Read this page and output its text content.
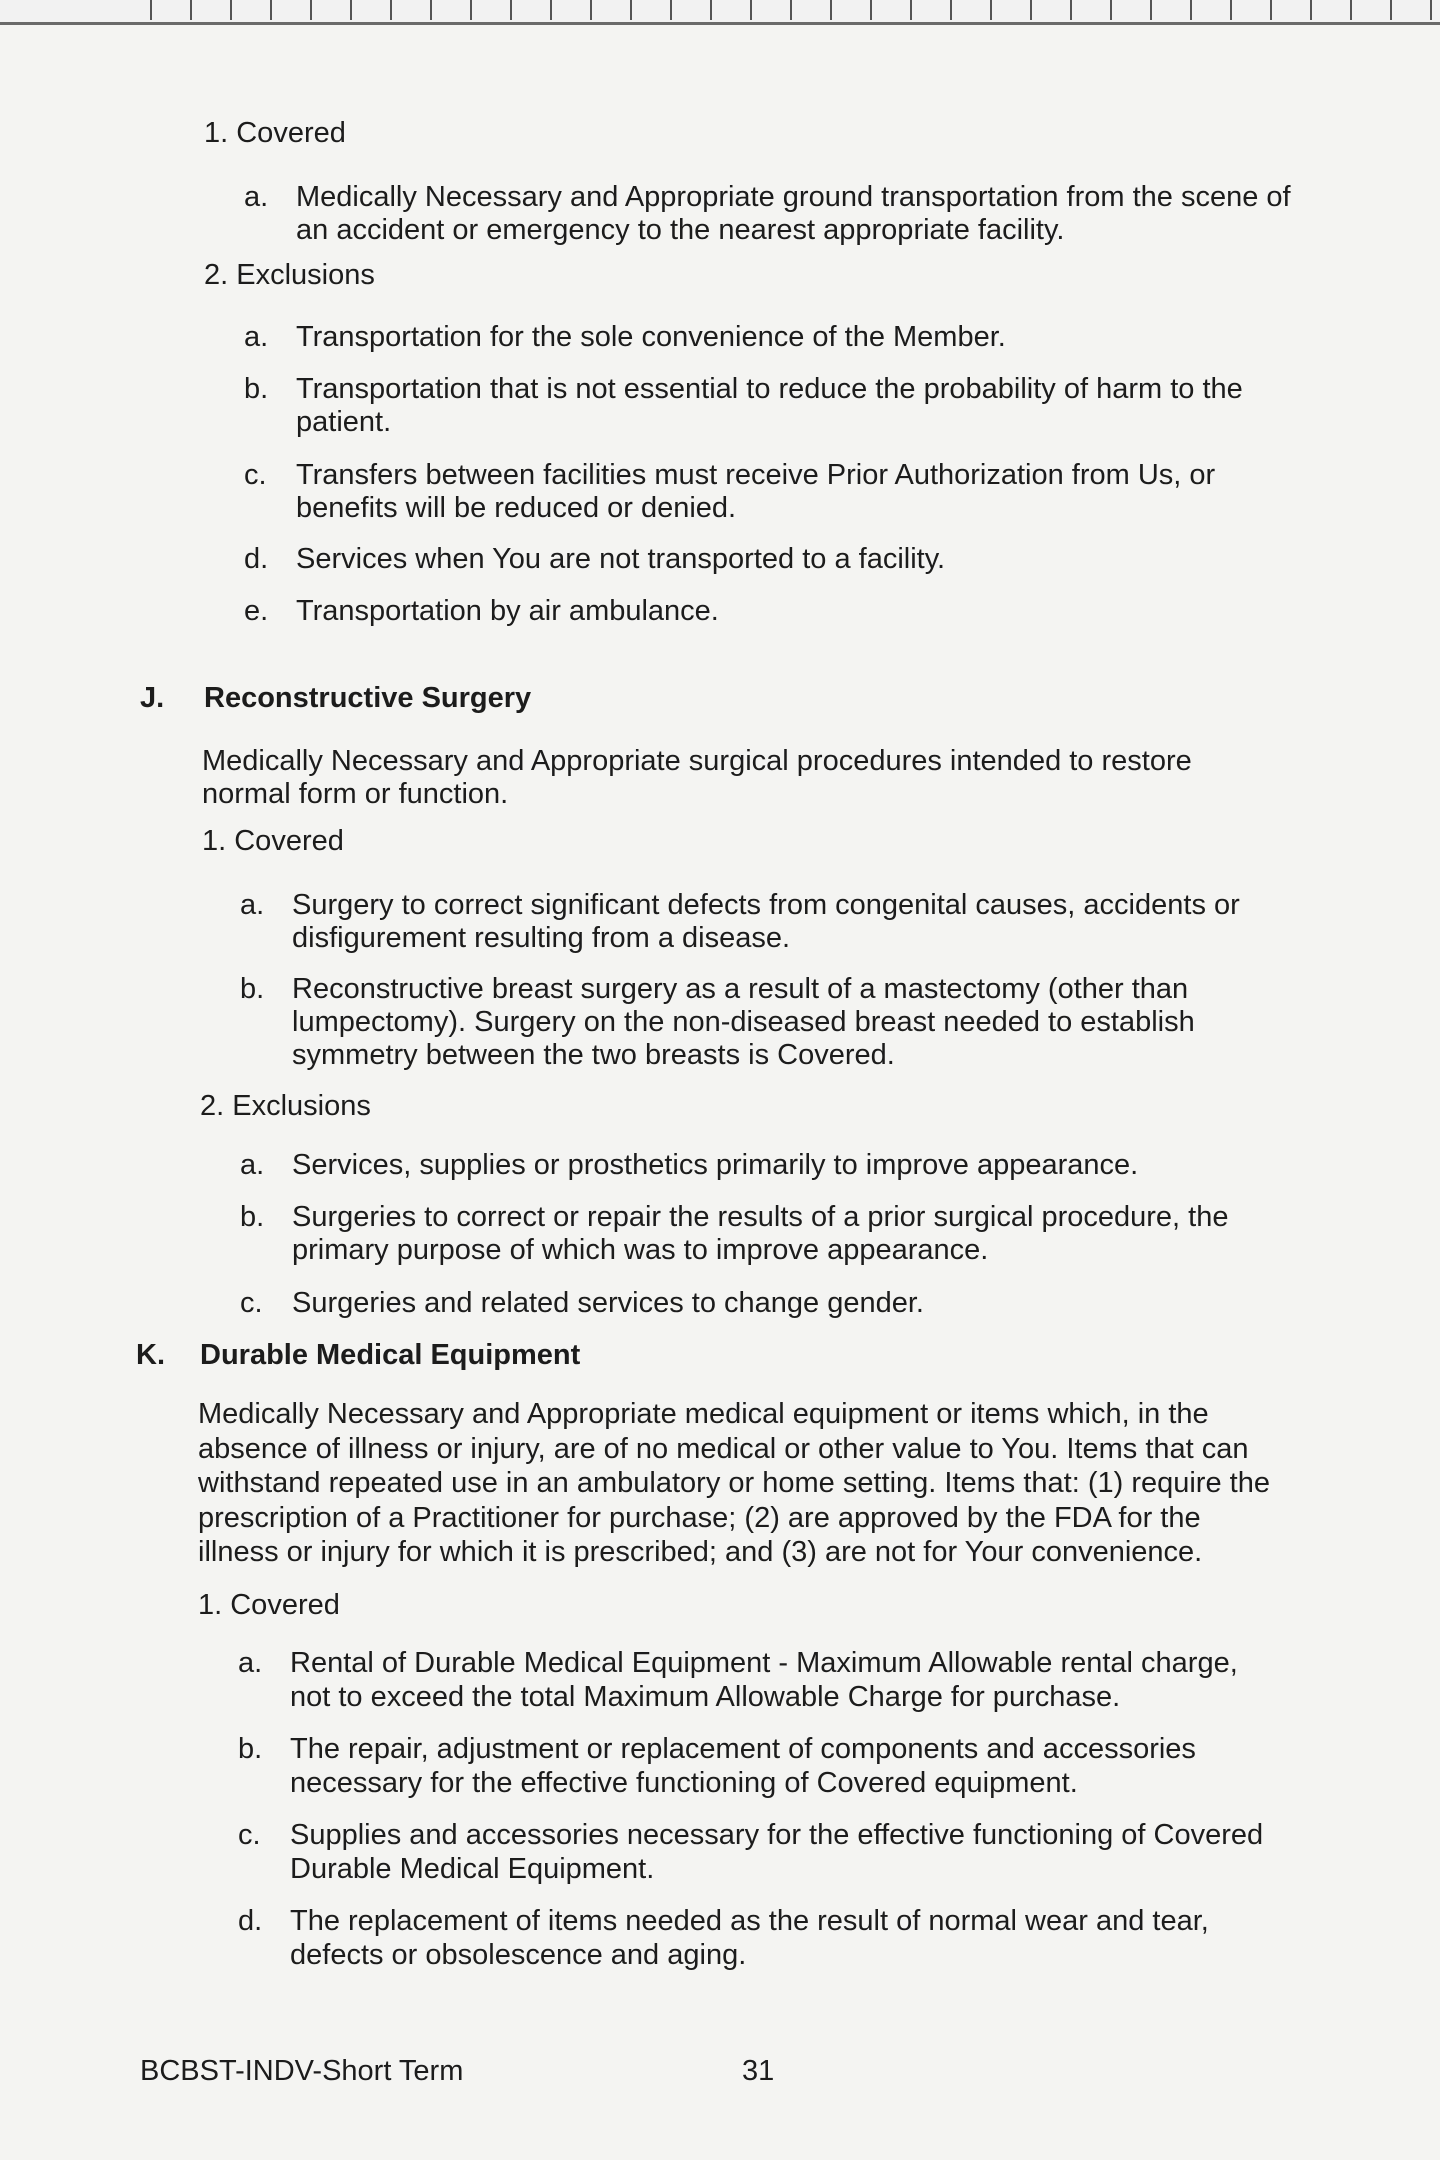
1. Covered
a. Medically Necessary and Appropriate ground transportation from the scene of
an accident or emergency to the nearest appropriate facility.
2. Exclusions
a. Transportation for the sole convenience of the Member.
b. Transportation that is not essential to reduce the probability of harm to the
patient.
c. Transfers between facilities must receive Prior Authorization from Us, or
benefits will be reduced or denied.
d. Services when You are not transported to a facility.
e. Transportation by air ambulance.
J. Reconstructive Surgery
Medically Necessary and Appropriate surgical procedures intended to restore
normal form or function.
1. Covered
a. Surgery to correct significant defects from congenital causes, accidents or
disfigurement resulting from a disease.
b. Reconstructive breast surgery as a result of a mastectomy (other than
lumpectomy). Surgery on the non-diseased breast needed to establish
symmetry between the two breasts is Covered.
2. Exclusions
a. Services, supplies or prosthetics primarily to improve appearance.
b. Surgeries to correct or repair the results of a prior surgical procedure, the
primary purpose of which was to improve appearance.
c. Surgeries and related services to change gender.
K. Durable Medical Equipment
Medically Necessary and Appropriate medical equipment or items which, in the
absence of illness or injury, are of no medical or other value to You. Items that can
withstand repeated use in an ambulatory or home setting. Items that: (1) require the
prescription of a Practitioner for purchase; (2) are approved by the FDA for the
illness or injury for which it is prescribed; and (3) are not for Your convenience.
1. Covered
a. Rental of Durable Medical Equipment - Maximum Allowable rental charge,
not to exceed the total Maximum Allowable Charge for purchase.
b. The repair, adjustment or replacement of components and accessories
necessary for the effective functioning of Covered equipment.
c. Supplies and accessories necessary for the effective functioning of Covered
Durable Medical Equipment.
d. The replacement of items needed as the result of normal wear and tear,
defects or obsolescence and aging.
BCBST-INDV-Short Term	31
